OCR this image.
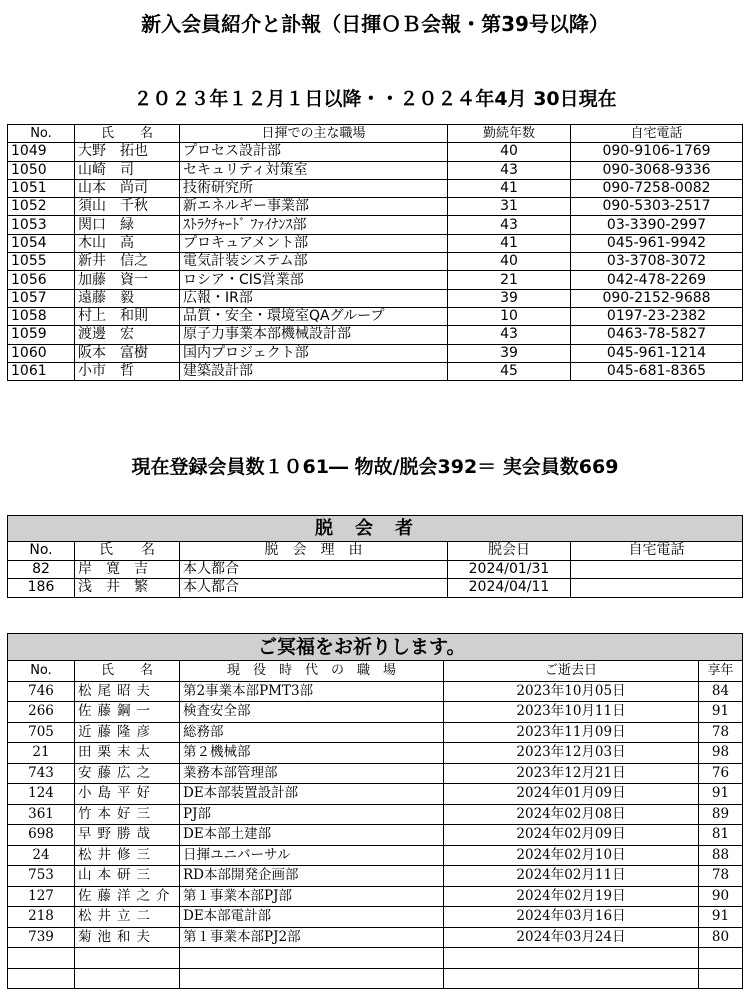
新入会員紹介と訃報（日揮ＯＢ会報・第39号以降）
２０２３年１２月１日以降・・２０２４年4月 30日現在
No.	氏　　名	日揮での主な職場	勤続年数	自宅電話
1049	大野　拓也	プロセス設計部	40	090-9106-1769
1050	山崎　司	セキュリティ対策室	43	090-3068-9336
1051	山本　尚司	技術研究所	41	090-7258-0082
1052	須山　千秋	新エネルギー事業部	31	090-5303-2517
1053	関口　緑	ｽﾄﾗｸﾁｬｰﾄﾞ ﾌｧｲﾅﾝｽ部	43	03-3390-2997
1054	木山　高	プロキュアメント部	41	045-961-9942
1055	新井　信之	電気計装システム部	40	03-3708-3072
1056	加藤　資一	ロシア・CIS営業部	21	042-478-2269
1057	遠藤　毅	広報・IR部	39	090-2152-9688
1058	村上　和則	品質・安全・環境室QAグループ	10	0197-23-2382
1059	渡邊　宏	原子力事業本部機械設計部	43	0463-78-5827
1060	阪本　富樹	国内プロジェクト部	39	045-961-1214
1061	小市　哲	建築設計部	45	045-681-8365
現在登録会員数１０61― 物故/脱会392＝ 実会員数669
脱会者				
No.	氏　　名	脱　会　理　由	脱会日	自宅電話
82	岸　寛　吉	本人都合	2024/01/31	
186	浅　井　繁	本人都合	2024/04/11	
ご冥福をお祈りします。				
No.	氏　　名	現　役　時　代　の　職　場	ご逝去日	享年
746	松尾昭夫	第2事業本部PMT3部	2023年10月05日	84
266	佐藤鋼一	検査安全部	2023年10月11日	91
705	近藤隆彦	総務部	2023年11月09日	78
21	田栗末太	第２機械部	2023年12月03日	98
743	安藤広之	業務本部管理部	2023年12月21日	76
124	小島平好	DE本部装置設計部	2024年01月09日	91
361	竹本好三	PJ部	2024年02月08日	89
698	早野勝哉	DE本部土建部	2024年02月09日	81
24	松井修三	日揮ユニバーサル	2024年02月10日	88
753	山本研三	RD本部開発企画部	2024年02月11日	78
127	佐藤洋之介	第１事業本部PJ部	2024年02月19日	90
218	松井立二	DE本部電計部	2024年03月16日	91
739	菊池和夫	第１事業本部PJ2部	2024年03月24日	80
